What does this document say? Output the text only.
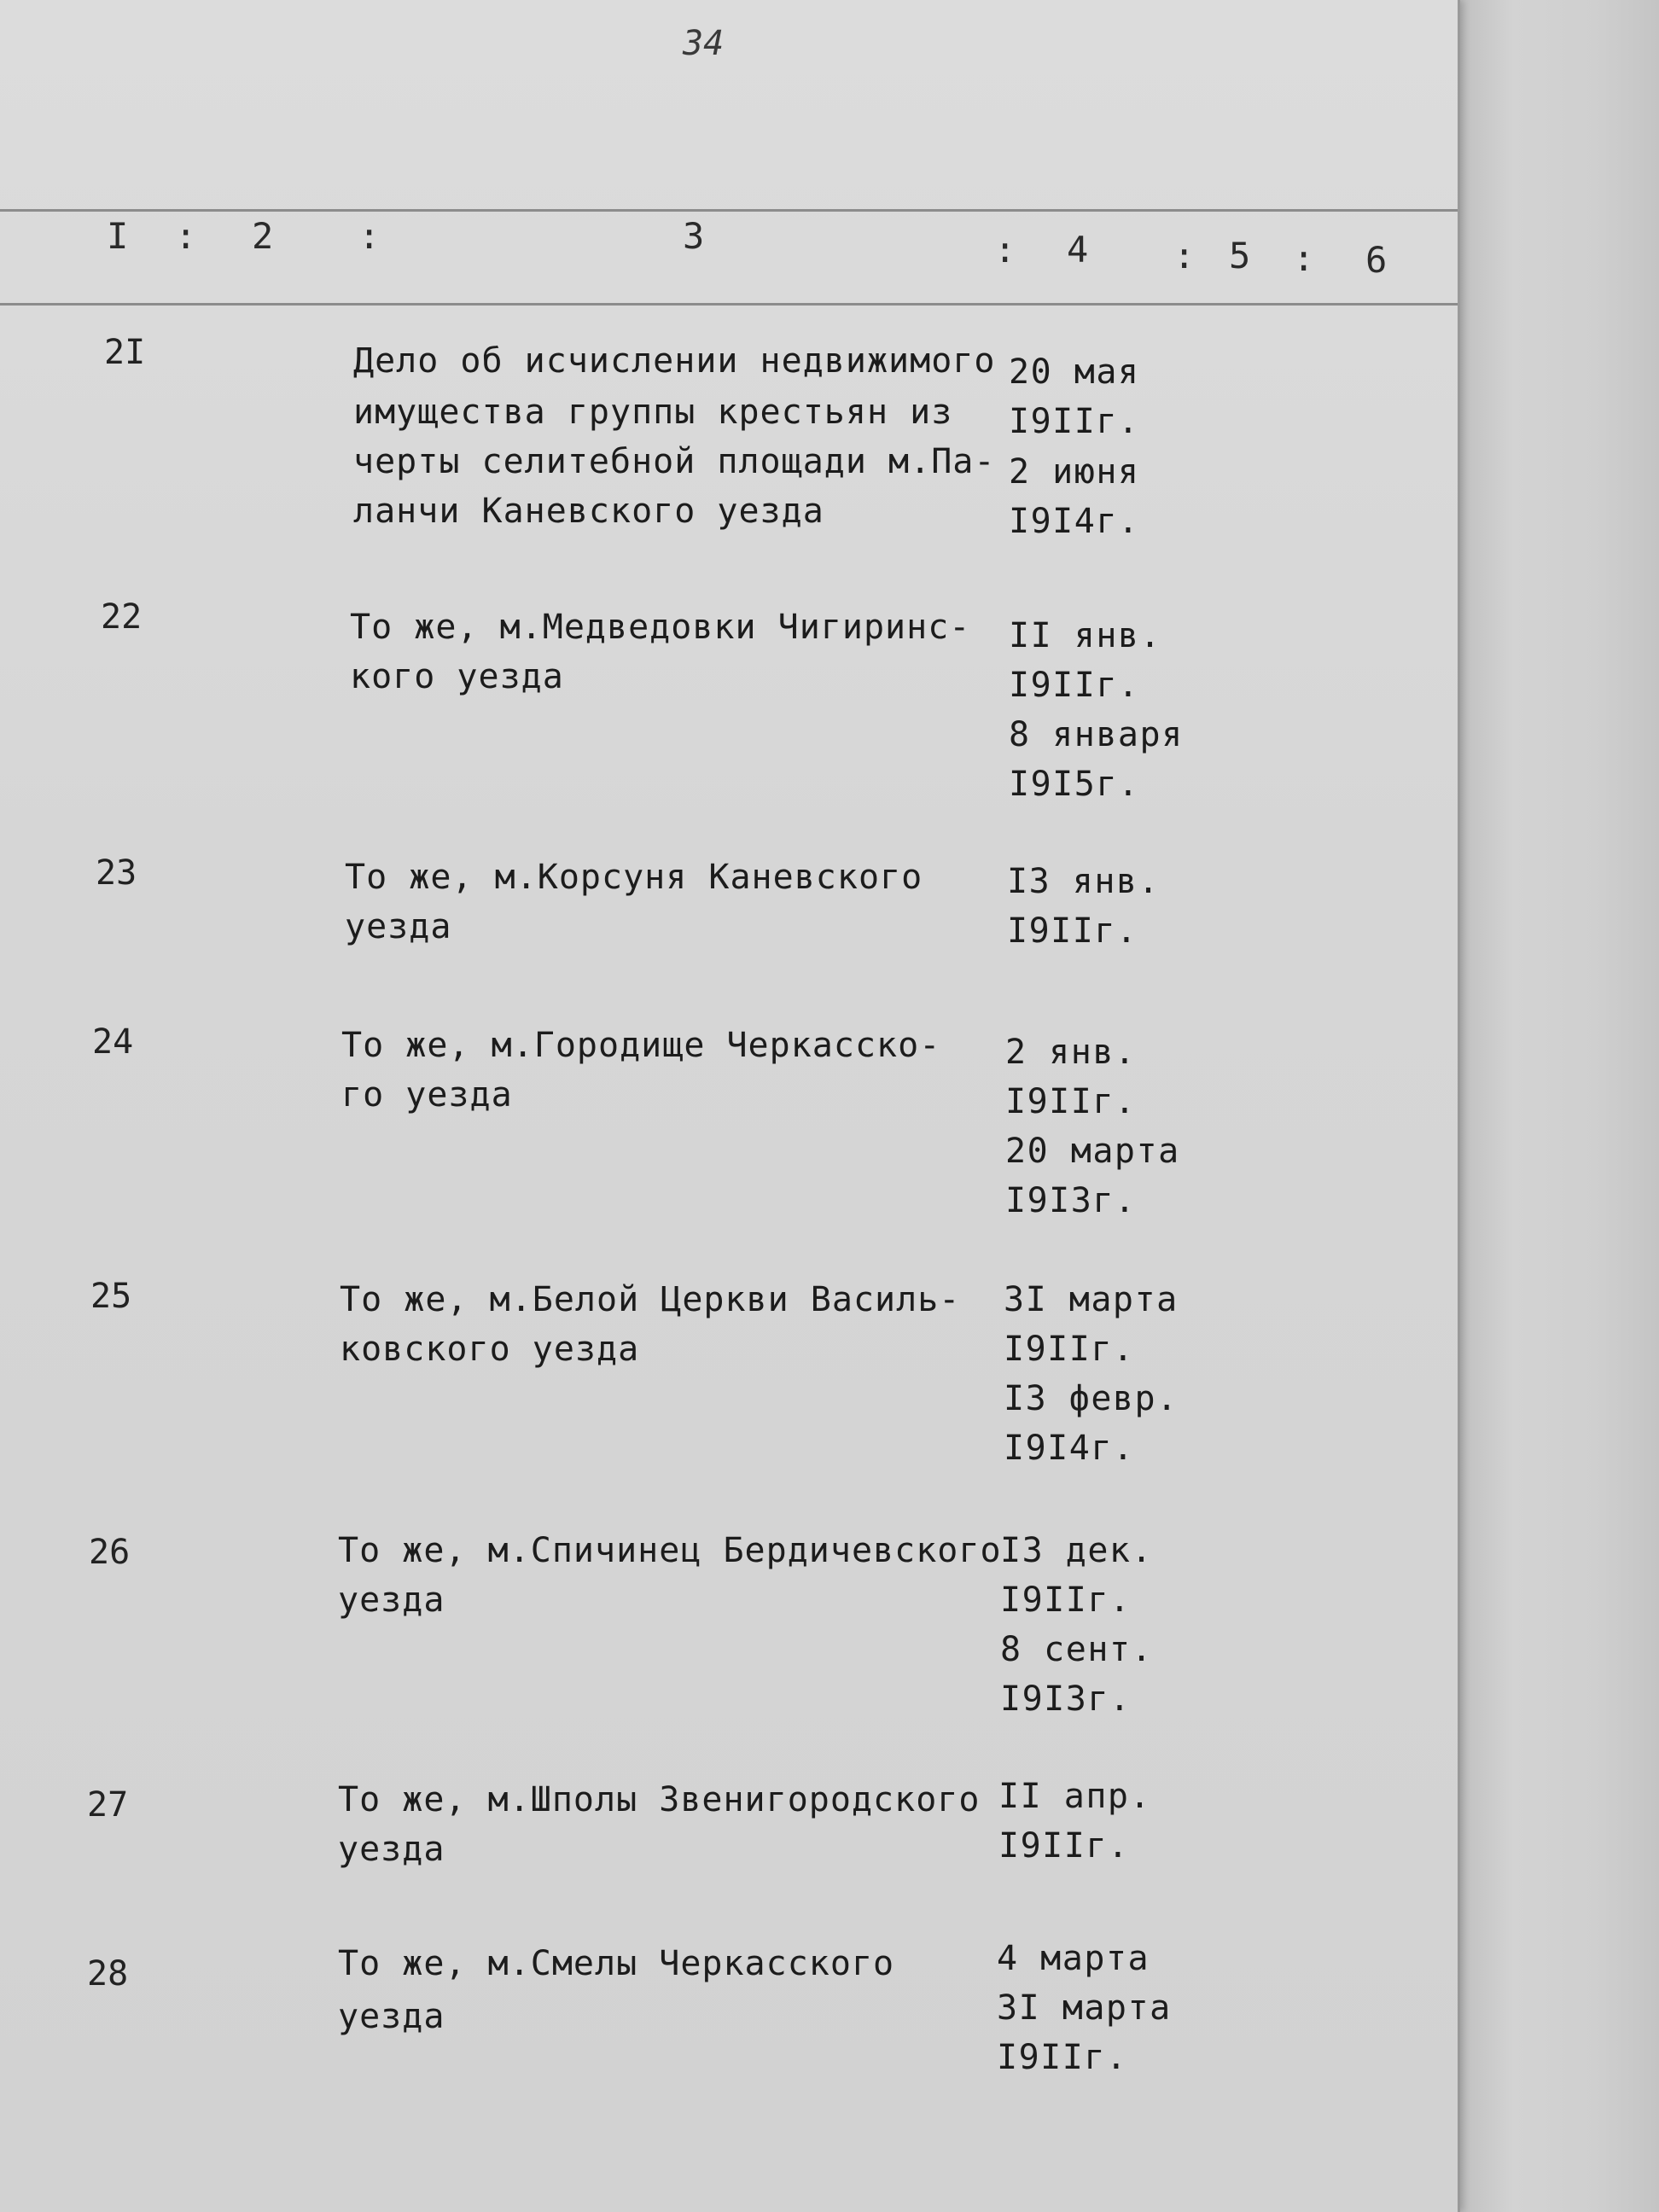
34
I : 2 :	3	: 4 : 5 : 6
2I	Дело об исчислении недвижимого
имущества группы крестьян из
черты селитебной площади м.Па-
ланчи Каневского уезда
20 мая
I9IIг.
2 июня
I9I4г.
22	То же, м.Медведовки Чигиринс-
кого уезда
II янв.
I9IIг.
8 января
I9I5г.
23	То же, м.Корсуня Каневского
уезда
I3 янв.
I9IIг.
24	То же, м.Городище Черкасско-
го уезда
2 янв.
I9IIг.
20 марта
I9I3г.
25	То же, м.Белой Церкви Василь-
ковского уезда
3I марта
I9IIг.
I3 февр.
I9I4г.
26	То же, м.Спичинец Бердичевского
уезда
I3 дек.
I9IIг.
8 сент.
I9I3г.
27	То же, м.Шполы Звенигородского
уезда
II апр.
I9IIг.
28	То же, м.Смелы Черкасского
уезда
4 марта
3I марта
I9IIг.
